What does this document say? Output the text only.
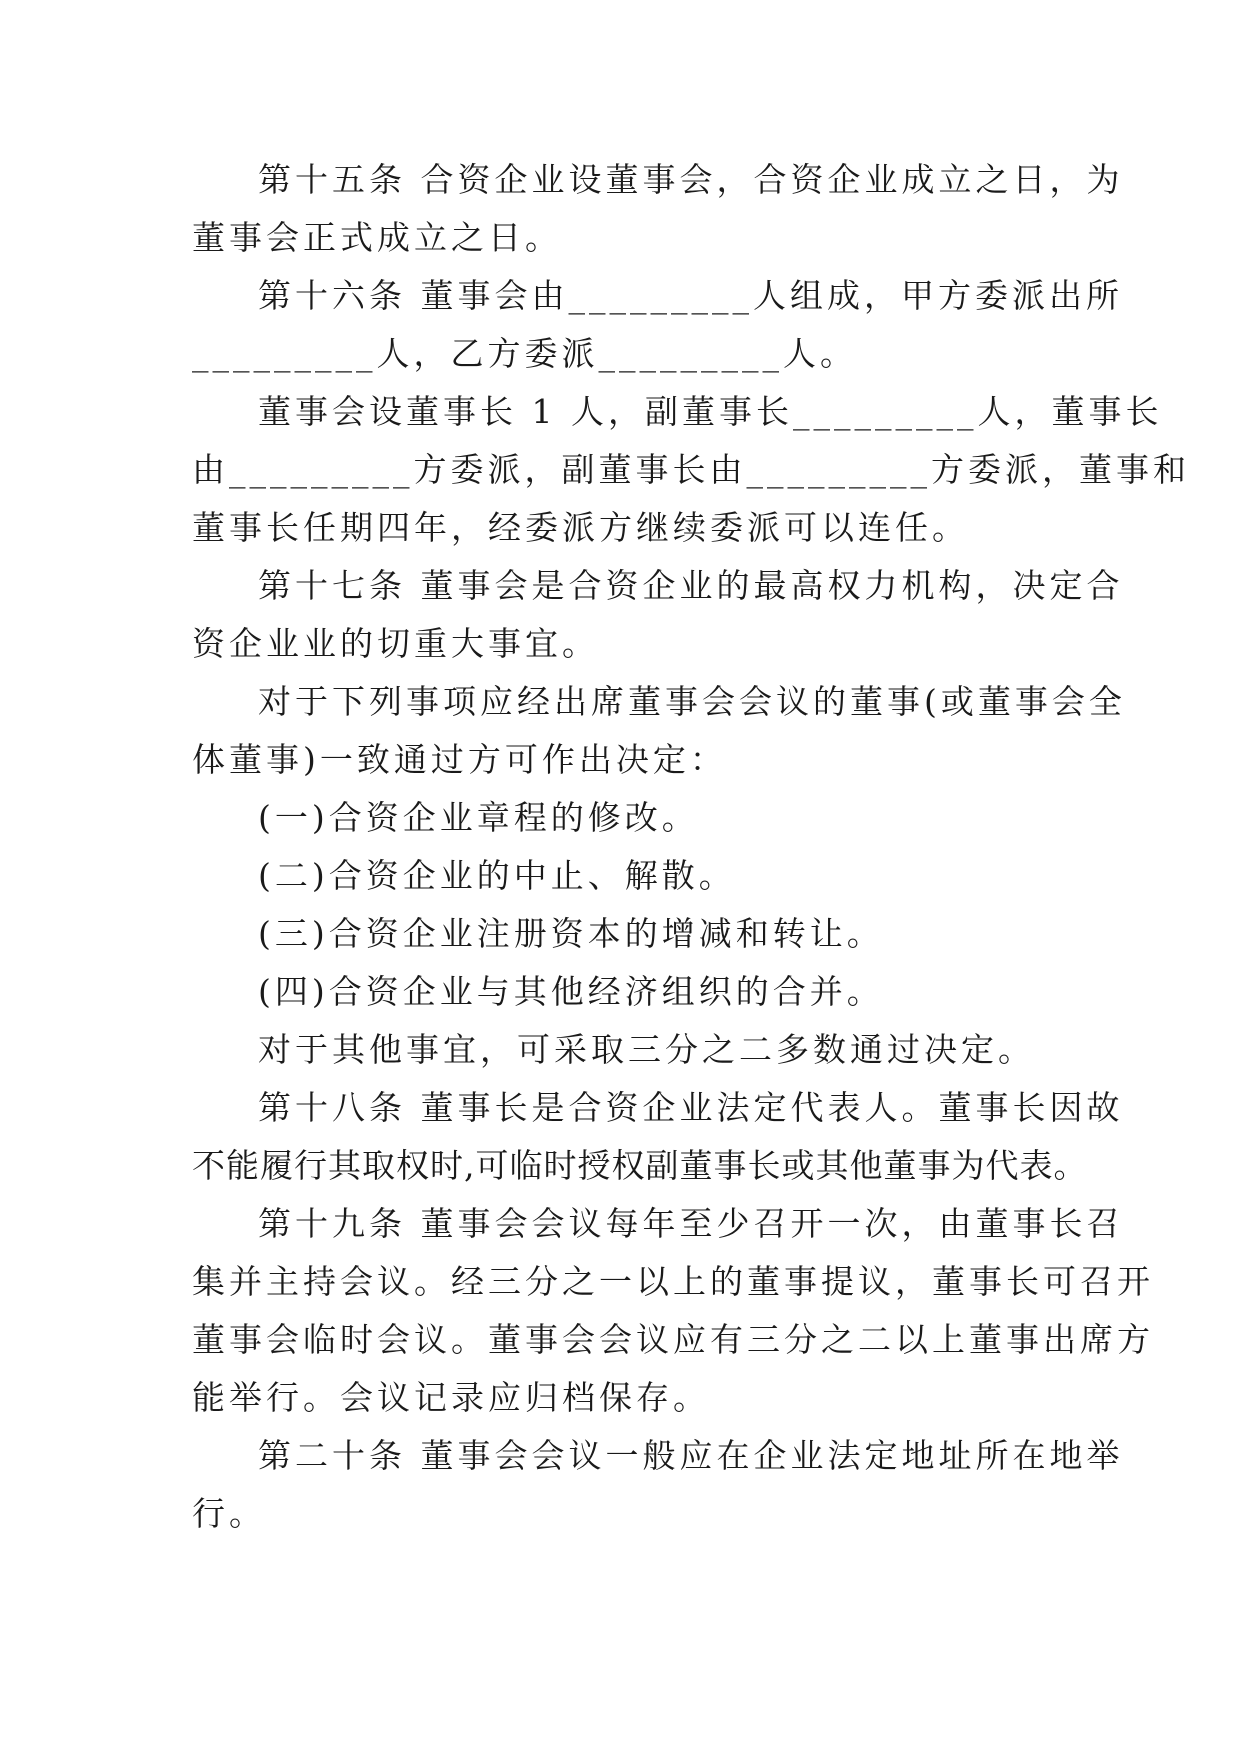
第十五条 合资企业设董事会，合资企业成立之日，为
董事会正式成立之日。
第十六条 董事会由_________人组成，甲方委派出所
_________人，乙方委派_________人。
董事会设董事长 1 人，副董事长_________人，董事长
由_________方委派，副董事长由_________方委派，董事和
董事长任期四年，经委派方继续委派可以连任。
第十七条 董事会是合资企业的最高权力机构，决定合
资企业业的切重大事宜。
对于下列事项应经出席董事会会议的董事(或董事会全
体董事)一致通过方可作出决定：
(一)合资企业章程的修改。
(二)合资企业的中止、解散。
(三)合资企业注册资本的增减和转让。
(四)合资企业与其他经济组织的合并。
对于其他事宜，可采取三分之二多数通过决定。
第十八条 董事长是合资企业法定代表人。董事长因故
不能履行其取权时,可临时授权副董事长或其他董事为代表。
第十九条 董事会会议每年至少召开一次，由董事长召
集并主持会议。经三分之一以上的董事提议，董事长可召开
董事会临时会议。董事会会议应有三分之二以上董事出席方
能举行。会议记录应归档保存。
第二十条 董事会会议一般应在企业法定地址所在地举
行。
